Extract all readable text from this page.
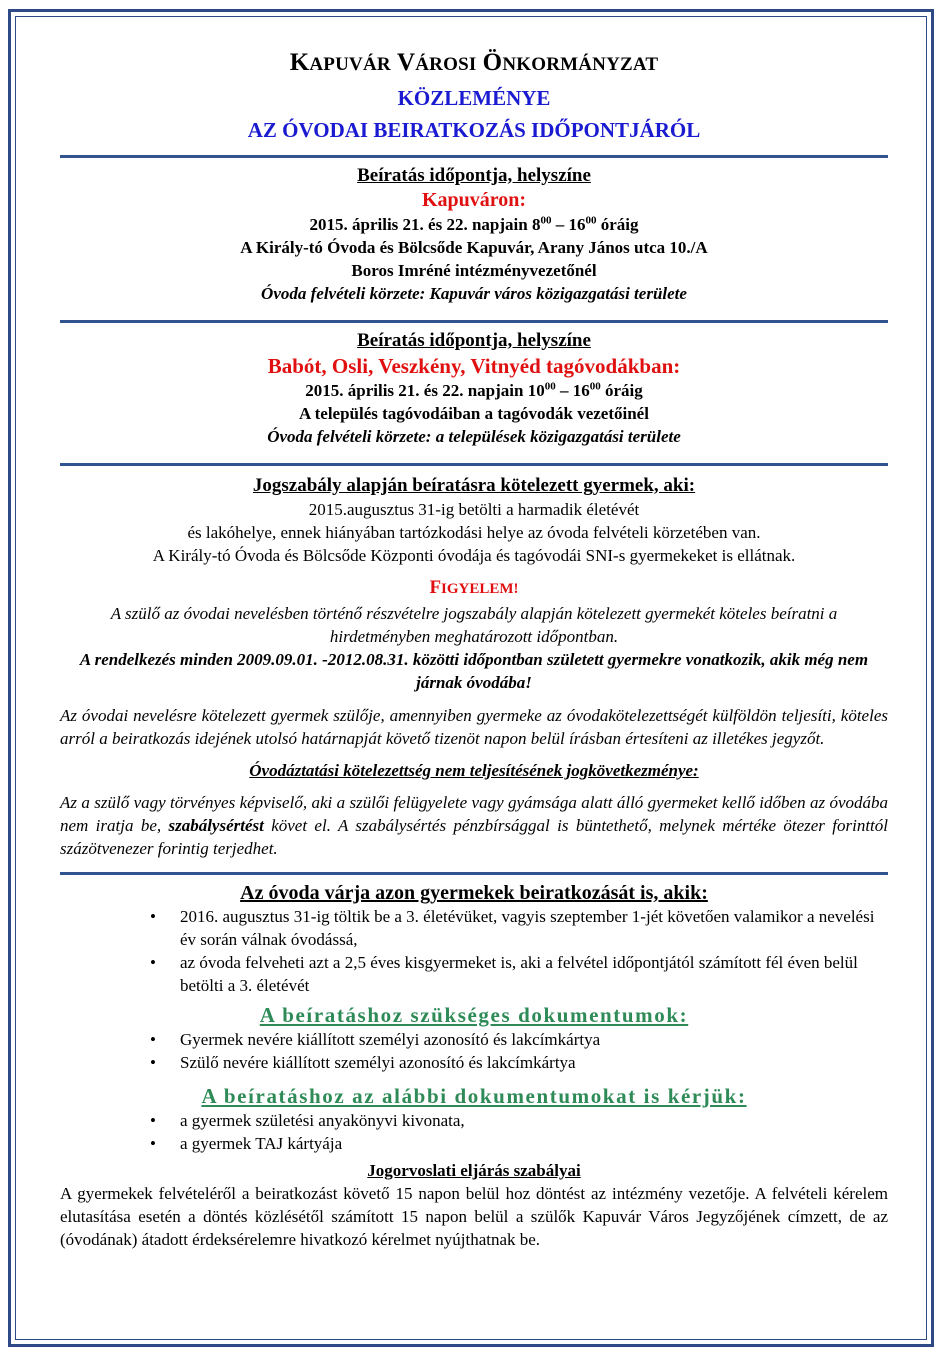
KAPUVÁR VÁROSI ÖNKORMÁNYZAT
KÖZLEMÉNYE
AZ ÓVODAI BEIRATKOZÁS IDŐPONTJÁRÓL
Beíratás időpontja, helyszíne
Kapuváron:
2015. április 21. és 22. napjain $8^{00} - 16^{00}$ óráig
A Király-tó Óvoda és Bölcsőde Kapuvár, Arany János utca 10./A
Boros Imréné intézményvezetőnél
Óvoda felvételi körzete: Kapuvár város közigazgatási területe
Beíratás időpontja, helyszíne
Babót, Osli, Veszkény, Vitnyéd tagóvodákban:
2015. április 21. és 22. napjain $10^{00} - 16^{00}$ óráig
A település tagóvodáiban a tagóvodák vezetőinél
Óvoda felvételi körzete: a települések közigazgatási területe
Jogszabály alapján beíratásra kötelezett gyermek, aki:
2015.augusztus 31-ig betölti a harmadik életévét
és lakóhelye, ennek hiányában tartózkodási helye az óvoda felvételi körzetében van.
A Király-tó Óvoda és Bölcsőde Központi óvodája és tagóvodái SNI-s gyermekeket is ellátnak.
FIGYELEM!
A szülő az óvodai nevelésben történő részvételre jogszabály alapján kötelezett gyermekét köteles beíratni a hirdetményben meghatározott időpontban.
A rendelkezés minden 2009.09.01. -2012.08.31. közötti időpontban született gyermekre vonatkozik, akik még nem járnak óvodába!
Az óvodai nevelésre kötelezett gyermek szülője, amennyiben gyermeke az óvodakötelezettségét külföldön teljesíti, köteles arról a beiratkozás idejének utolsó határnapját követő tizenöt napon belül írásban értesíteni az illetékes jegyzőt.
Óvodáztatási kötelezettség nem teljesítésének jogkövetkezménye:
Az a szülő vagy törvényes képviselő, aki a szülői felügyelete vagy gyámsága alatt álló gyermeket kellő időben az óvodába nem iratja be, szabálysértést követ el. A szabálysértés pénzbírsággal is büntethető, melynek mértéke ötezer forinttól százötvenezer forintig terjedhet.
Az óvoda várja azon gyermekek beiratkozását is, akik:
• 2016. augusztus 31-ig töltik be a 3. életévüket, vagyis szeptember 1-jét követően valamikor a nevelési év során válnak óvodássá,
• az óvoda felveheti azt a 2,5 éves kisgyermeket is, aki a felvétel időpontjától számított fél éven belül betölti a 3. életévét
A beíratáshoz szükséges dokumentumok:
• Gyermek nevére kiállított személyi azonosító és lakcímkártya
• Szülő nevére kiállított személyi azonosító és lakcímkártya
A beíratáshoz az alábbi dokumentumokat is kérjük:
• a gyermek születési anyakönyvi kivonata,
• a gyermek TAJ kártyája
Jogorvoslati eljárás szabályai
A gyermekek felvételéről a beiratkozást követő 15 napon belül hoz döntést az intézmény vezetője. A felvételi kérelem elutasítása esetén a döntés közlésétől számított 15 napon belül a szülők Kapuvár Város Jegyzőjének címzett, de az (óvodának) átadott érdeksérelemre hivatkozó kérelmet nyújthatnak be.
